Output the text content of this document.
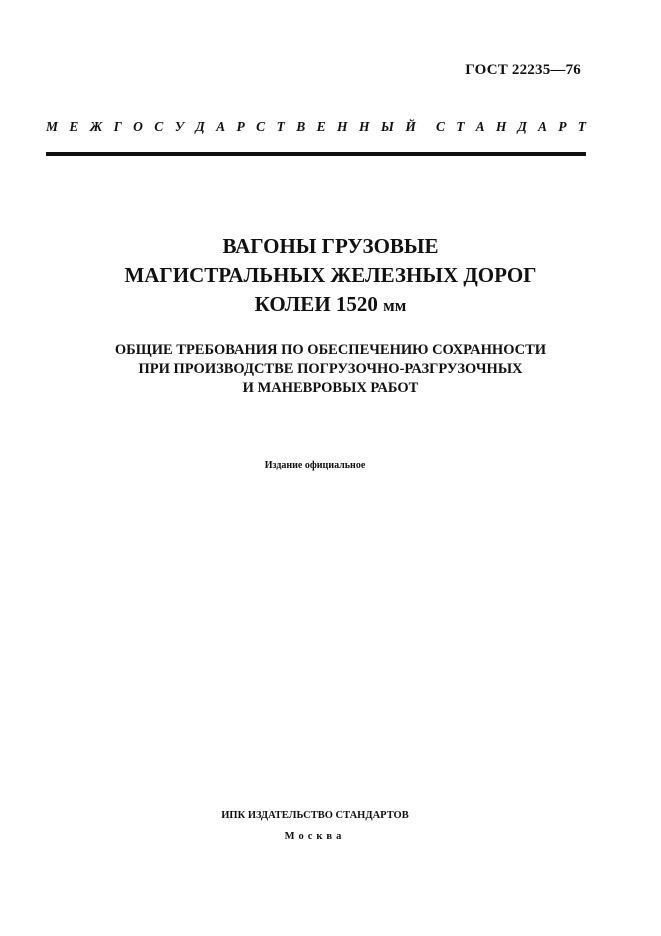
ГОСТ 22235—76
М Е Ж Г О С У Д А Р С Т В Е Н Н Ы Й С Т А Н Д А Р Т
ВАГОНЫ ГРУЗОВЫЕ
МАГИСТРАЛЬНЫХ ЖЕЛЕЗНЫХ ДОРОГ
КОЛЕИ 1520 мм
ОБЩИЕ ТРЕБОВАНИЯ ПО ОБЕСПЕЧЕНИЮ СОХРАННОСТИ
ПРИ ПРОИЗВОДСТВЕ ПОГРУЗОЧНО-РАЗГРУЗОЧНЫХ
И МАНЕВРОВЫХ РАБОТ
Издание официальное
ИПК ИЗДАТЕЛЬСТВО СТАНДАРТОВ
Москва
